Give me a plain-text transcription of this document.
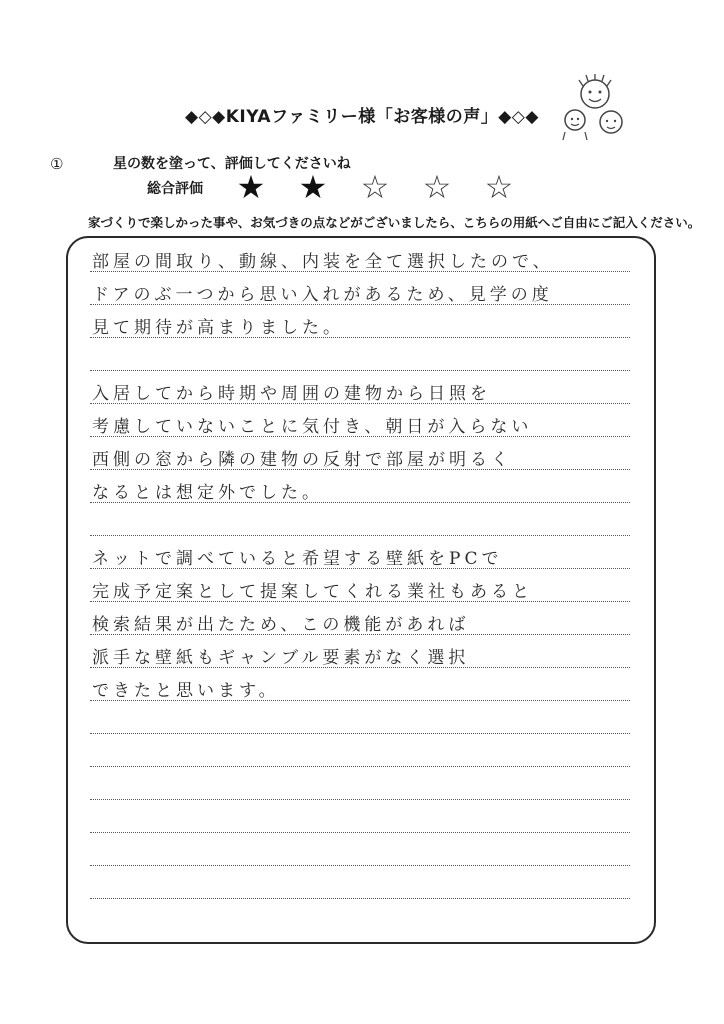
◆◇◆KIYAファミリー様「お客様の声」◆◇◆
①	星の数を塗って、評価してくださいね
総合評価	★	★	☆	☆	☆
家づくりで楽しかった事や、お気づきの点などがございましたら、こちらの用紙へご自由にご記入ください。
部屋の間取り、動線、内装を全て選択したので、
ドアのぶ一つから思い入れがあるため、見学の度
見て期待が高まりました。
入居してから時期や周囲の建物から日照を
考慮していないことに気付き、朝日が入らない
西側の窓から隣の建物の反射で部屋が明るく
なるとは想定外でした。
ネットで調べていると希望する壁紙をPCで
完成予定案として提案してくれる業社もあると
検索結果が出たため、この機能があれば
派手な壁紙もギャンブル要素がなく選択
できたと思います。
